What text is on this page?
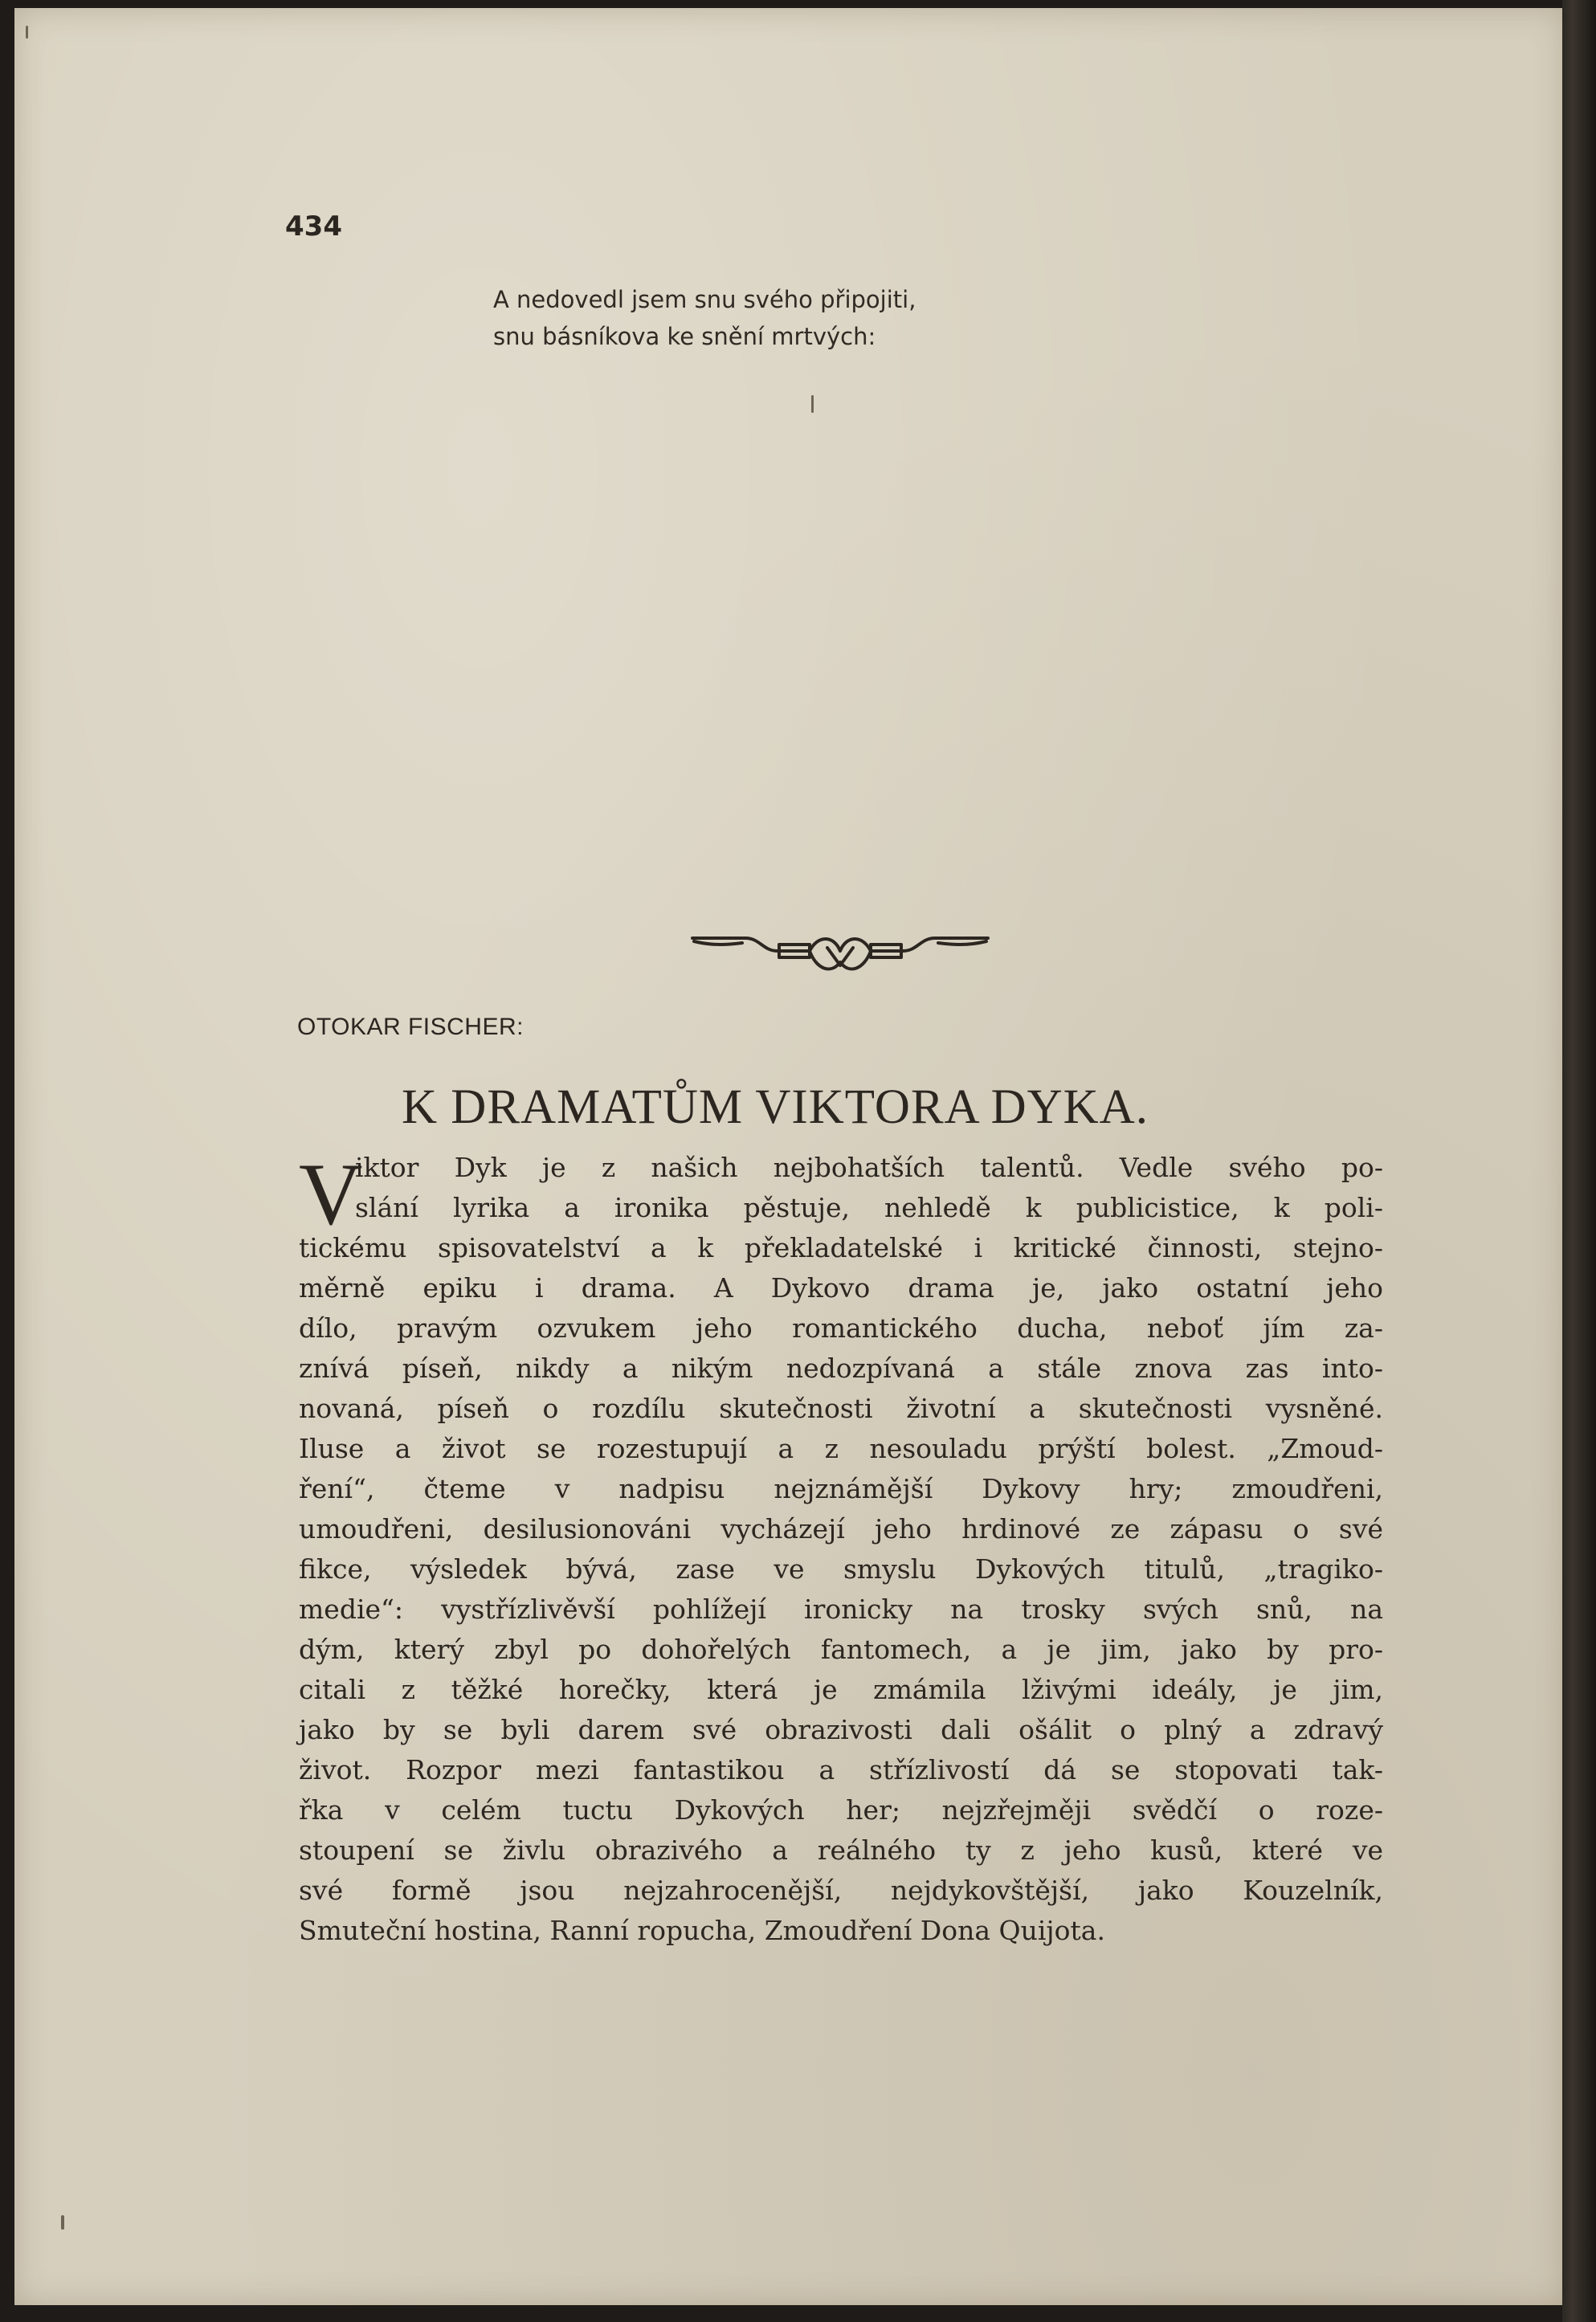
434
A nedovedl jsem snu svého připojiti,
snu básníkova ke snění mrtvých:
OTOKAR FISCHER:
K DRAMATŮM VIKTORA DYKA.
V
iktor Dyk je z našich nejbohatších talentů. Vedle svého po-
slání lyrika a ironika pěstuje, nehledě k publicistice, k poli-
tickému spisovatelství a k překladatelské i kritické činnosti, stejno-
měrně epiku i drama. A Dykovo drama je, jako ostatní jeho
dílo, pravým ozvukem jeho romantického ducha, neboť jím za-
znívá píseň, nikdy a nikým nedozpívaná a stále znova zas into-
novaná, píseň o rozdílu skutečnosti životní a skutečnosti vysněné.
Iluse a život se rozestupují a z nesouladu prýští bolest. „Zmoud-
ření“, čteme v nadpisu nejznámější Dykovy hry; zmoudřeni,
umoudřeni, desilusionováni vycházejí jeho hrdinové ze zápasu o své
fikce, výsledek bývá, zase ve smyslu Dykových titulů, „tragiko-
medie“: vystřízlivěvší pohlížejí ironicky na trosky svých snů, na
dým, který zbyl po dohořelých fantomech, a je jim, jako by pro-
citali z těžké horečky, která je zmámila lživými ideály, je jim,
jako by se byli darem své obrazivosti dali ošálit o plný a zdravý
život. Rozpor mezi fantastikou a střízlivostí dá se stopovati tak-
řka v celém tuctu Dykových her; nejzřejměji svědčí o roze-
stoupení se živlu obrazivého a reálného ty z jeho kusů, které ve
své formě jsou nejzahrocenější, nejdykovštější, jako Kouzelník,
Smuteční hostina, Ranní ropucha, Zmoudření Dona Quijota.
